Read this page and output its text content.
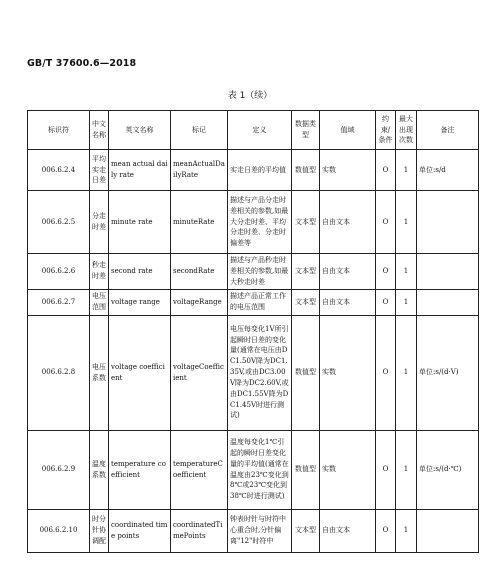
GB/T 37600.6—2018
表 1（续）
标识符	中文名称	英文名称	标记	定义	数据类型	值域	约束/条件	最大出现次数	备注
006.6.2.4	平均实走日差	mean actual daily rate	meanActualDailyRate	实走日差的平均值	数值型	实数	O	1	单位:s/d
006.6.2.5	分走时差	minute rate	minuteRate	描述与产品分走时差相关的参数,如最大分走时差、平均分走时差、分走时偏差等	文本型	自由文本	O	1	
006.6.2.6	秒走时差	second rate	secondRate	描述与产品秒走时差相关的参数,如最大秒走时差	文本型	自由文本	O	1	
006.6.2.7	电压范围	voltage range	voltageRange	描述产品正常工作的电压范围	文本型	自由文本	O	1	
006.6.2.8	电压系数	voltage coefficient	voltageCoefficient	电压每变化1V所引起瞬时日差的变化量(通常在电压由DC1.50V降为DC1.35V,或由DC3.00V降为DC2.60V,或由DC1.55V降为DC1.45V时进行测试)	数值型	实数	O	1	单位:s/(d·V)
006.6.2.9	温度系数	temperature coefficient	temperatureCoefficient	温度每变化1℃引起的瞬时日差变化量的平均值(通常在温度由23℃变化到8℃或23℃变化到38℃时进行测试)	数值型	实数	O	1	单位:s/(d·℃)
006.6.2.10	时分针协调配	coordinated time points	coordinatedTimePoints	钟表时针与时符中心重合时,分针偏离"12"时符中	文本型	自由文本	O	1	
